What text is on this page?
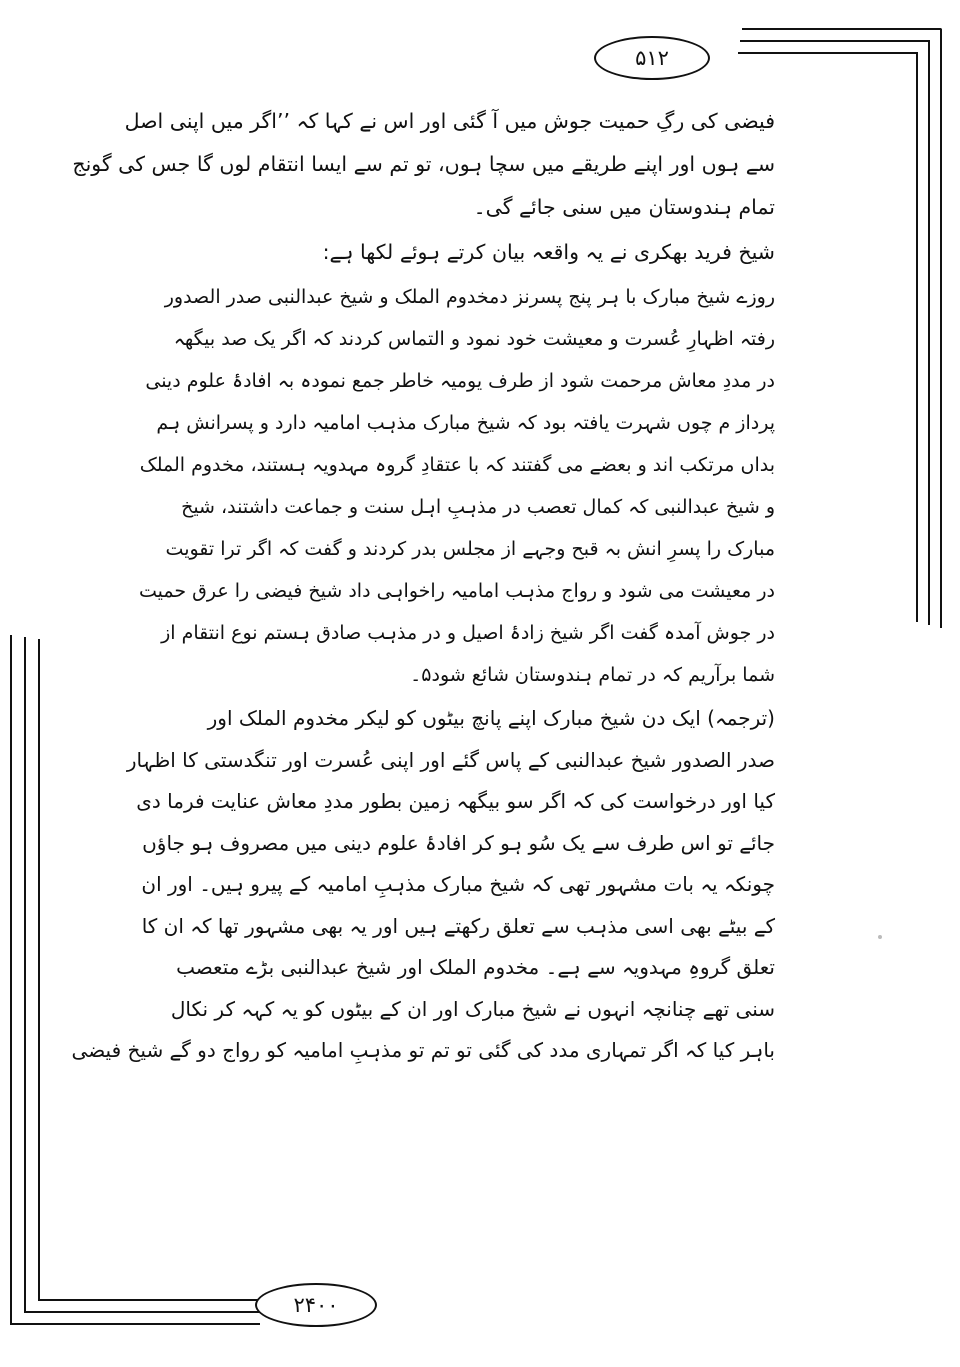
۵۱۲
۲۴۰۰

فیضی کی رگِ حمیت جوش میں آ گئی اور اس نے کہا کہ ’’اگر میں اپنی اصل
سے ہوں اور اپنے طریقے میں سچا ہوں، تو تم سے ایسا انتقام لوں گا جس کی گونج
تمام ہندوستان میں سنی جائے گی۔

شیخ فرید بھکری نے یہ واقعہ بیان کرتے ہوئے لکھا ہے:

روزے شیخ مبارک با ہر پنج پسرنز دمخدوم الملک و شیخ عبدالنبی صدر الصدور
رفتہ اظہارِ عُسرت و معیشت خود نمود و التماس کردند کہ اگر یک صد بیگھہ
در مددِ معاش مرحمت شود از طرف یومیہ خاطر جمع نمودہ بہ افادۂ علوم دینی
پرداز م چوں شہرت یافتہ بود کہ شیخ مبارک مذہب امامیہ دارد و پسرانش ہم
بداں مرتکب اند و بعضے می گفتند کہ با عتقادِ گروہ مہدویہ ہستند، مخدوم الملک
و شیخ عبدالنبی کہ کمال تعصب در مذہبِ اہل سنت و جماعت داشتند، شیخ
مبارک را پسرِ انش بہ قبح وجہے از مجلس بدر کردند و گفت کہ اگر ترا تقویت
در معیشت می شود و رواج مذہب امامیہ راخواہی داد شیخ فیضی را عرق حمیت
در جوش آمدہ گفت اگر شیخ زادۂ اصیل و در مذہب صادق ہستم نوع انتقام از
شما برآریم کہ در تمام ہندوستان شائع شود۵۔

(ترجمہ) ایک دن شیخ مبارک اپنے پانچ بیٹوں کو لیکر مخدوم الملک اور
صدر الصدور شیخ عبدالنبی کے پاس گئے اور اپنی عُسرت اور تنگدستی کا اظہار
کیا اور درخواست کی کہ اگر سو بیگھہ زمین بطور مددِ معاش عنایت فرما دی
جائے تو اس طرف سے یک سُو ہو کر افادۂ علوم دینی میں مصروف ہو جاؤں
چونکہ یہ بات مشہور تھی کہ شیخ مبارک مذہبِ امامیہ کے پیرو ہیں۔ اور ان
کے بیٹے بھی اسی مذہب سے تعلق رکھتے ہیں اور یہ بھی مشہور تھا کہ ان کا
تعلق گروہِ مہدویہ سے ہے۔ مخدوم الملک اور شیخ عبدالنبی بڑے متعصب
سنی تھے چنانچہ انہوں نے شیخ مبارک اور ان کے بیٹوں کو یہ کہہ کر نکال
باہر کیا کہ اگر تمہاری مدد کی گئی تو تم تو مذہبِ امامیہ کو رواج دو گے شیخ فیضی
